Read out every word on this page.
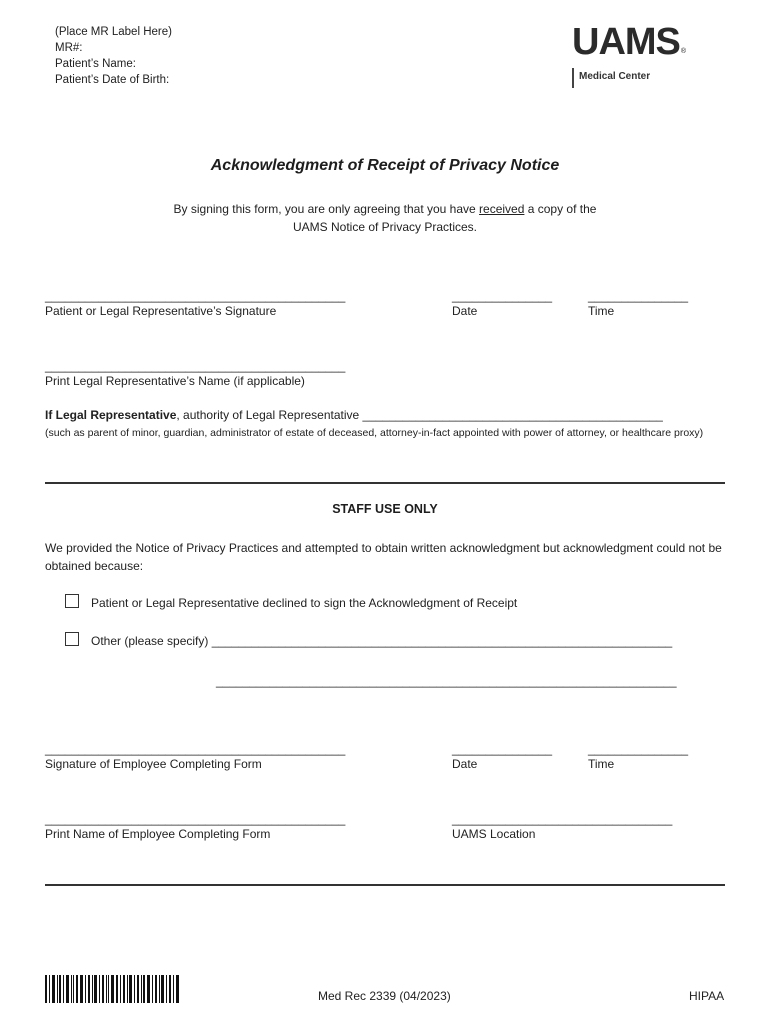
(Place MR Label Here)
MR#:
Patient’s Name:
Patient’s Date of Birth:
$UAMS_®$
Medical Center
Acknowledgment of Receipt of Privacy Notice
By signing this form, you are only agreeing that you have received a copy of the
UAMS Notice of Privacy Practices.
_____________________________________________	_______________	_______________
Patient or Legal Representative’s Signature	Date	Time
_____________________________________________
Print Legal Representative’s Name (if applicable)
If Legal Representative, authority of Legal Representative _____________________________________________
(such as parent of minor, guardian, administrator of estate of deceased, attorney-in-fact appointed with power of attorney, or healthcare proxy)
STAFF USE ONLY
We provided the Notice of Privacy Practices and attempted to obtain written acknowledgment but acknowledgment could not be obtained because:
Patient or Legal Representative declined to sign the Acknowledgment of Receipt
Other (please specify) _____________________________________________________________________
_____________________________________________________________________
_____________________________________________	_______________	_______________
Signature of Employee Completing Form	Date	Time
_____________________________________________	_________________________________
Print Name of Employee Completing Form	UAMS Location
Med Rec 2339 (04/2023)	HIPAA
